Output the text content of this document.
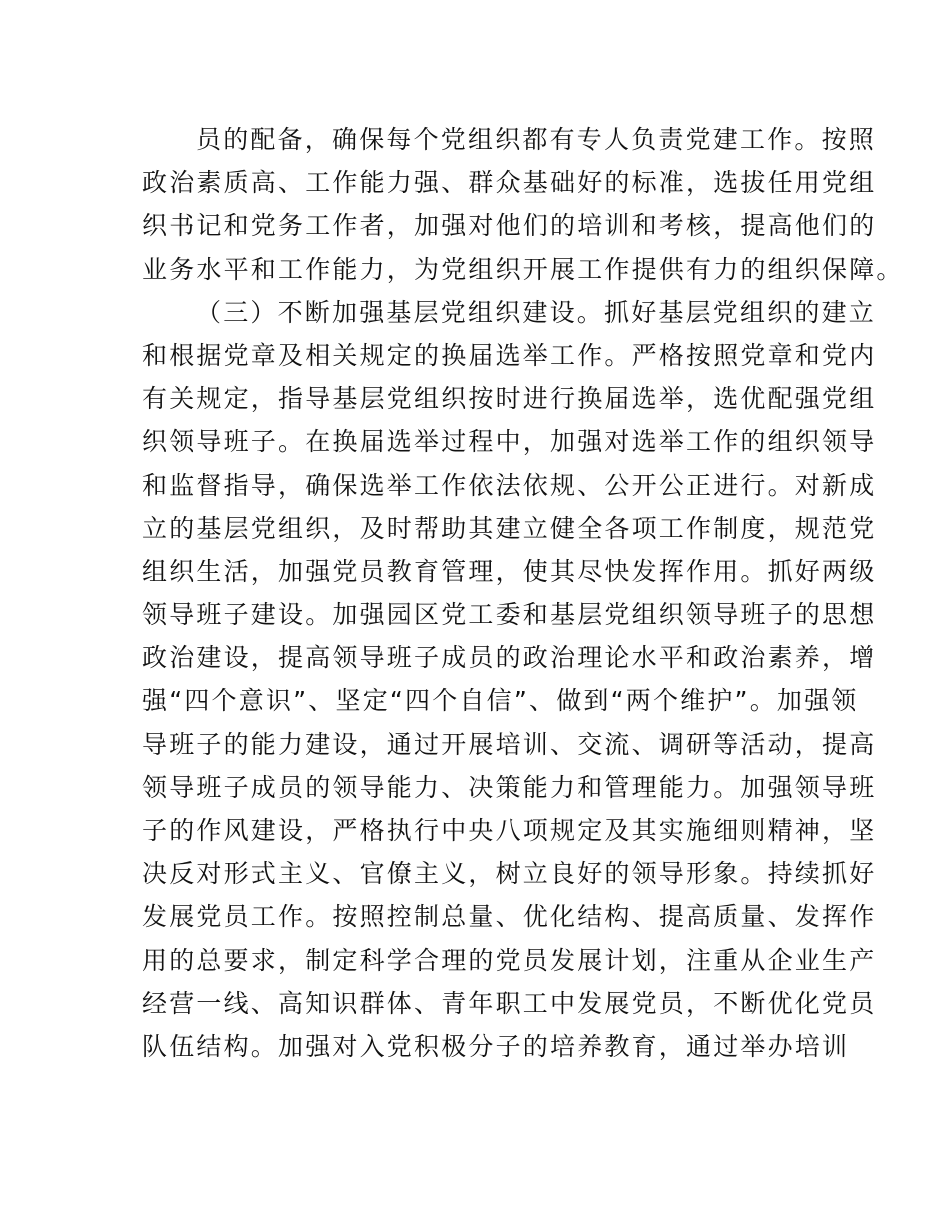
员的配备，确保每个党组织都有专人负责党建工作。按照
政治素质高、工作能力强、群众基础好的标准，选拔任用党组
织书记和党务工作者，加强对他们的培训和考核，提高他们的
业务水平和工作能力，为党组织开展工作提供有力的组织保障。
（三）不断加强基层党组织建设。抓好基层党组织的建立
和根据党章及相关规定的换届选举工作。严格按照党章和党内
有关规定，指导基层党组织按时进行换届选举，选优配强党组
织领导班子。在换届选举过程中，加强对选举工作的组织领导
和监督指导，确保选举工作依法依规、公开公正进行。对新成
立的基层党组织，及时帮助其建立健全各项工作制度，规范党
组织生活，加强党员教育管理，使其尽快发挥作用。抓好两级
领导班子建设。加强园区党工委和基层党组织领导班子的思想
政治建设，提高领导班子成员的政治理论水平和政治素养，增
强“四个意识”、坚定“四个自信”、做到“两个维护”。加强领
导班子的能力建设，通过开展培训、交流、调研等活动，提高
领导班子成员的领导能力、决策能力和管理能力。加强领导班
子的作风建设，严格执行中央八项规定及其实施细则精神，坚
决反对形式主义、官僚主义，树立良好的领导形象。持续抓好
发展党员工作。按照控制总量、优化结构、提高质量、发挥作
用的总要求，制定科学合理的党员发展计划，注重从企业生产
经营一线、高知识群体、青年职工中发展党员，不断优化党员
队伍结构。加强对入党积极分子的培养教育，通过举办培训
